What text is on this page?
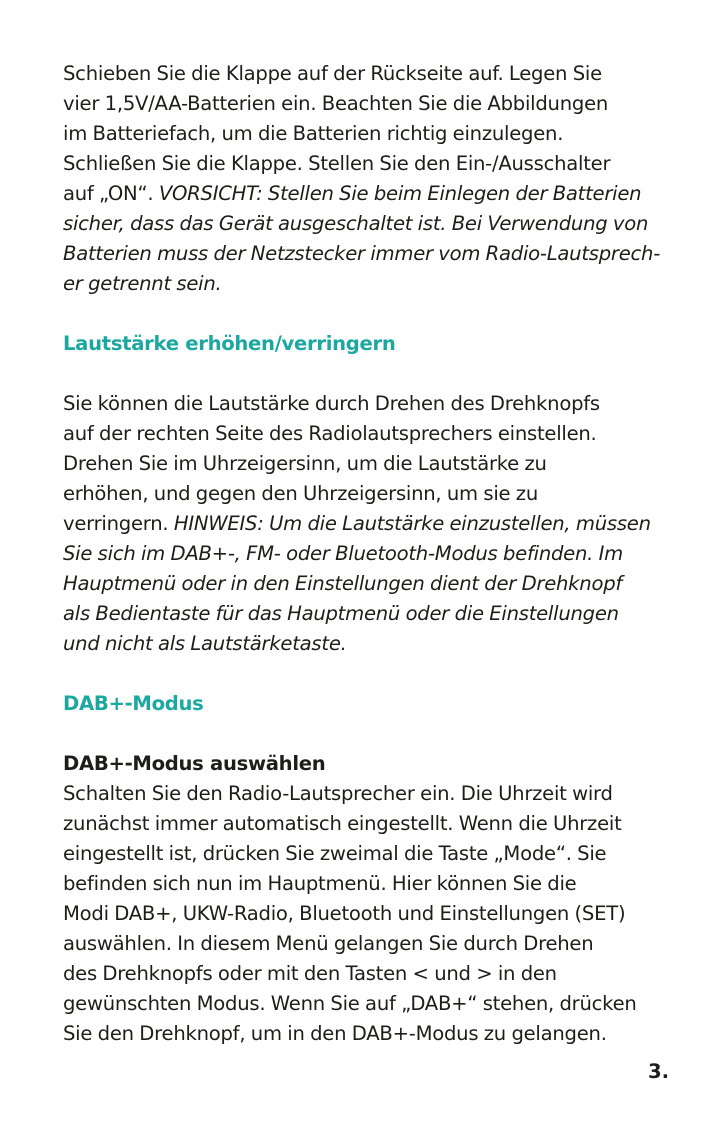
Schieben Sie die Klappe auf der Rückseite auf. Legen Sie
vier 1,5V/AA-Batterien ein. Beachten Sie die Abbildungen
im Batteriefach, um die Batterien richtig einzulegen.
Schließen Sie die Klappe. Stellen Sie den Ein-/Ausschalter
auf „ON“. VORSICHT: Stellen Sie beim Einlegen der Batterien
sicher, dass das Gerät ausgeschaltet ist. Bei Verwendung von
Batterien muss der Netzstecker immer vom Radio-Lautsprech-
er getrennt sein.
Lautstärke erhöhen/verringern
Sie können die Lautstärke durch Drehen des Drehknopfs
auf der rechten Seite des Radiolautsprechers einstellen.
Drehen Sie im Uhrzeigersinn, um die Lautstärke zu
erhöhen, und gegen den Uhrzeigersinn, um sie zu
verringern. HINWEIS: Um die Lautstärke einzustellen, müssen
Sie sich im DAB+-, FM- oder Bluetooth-Modus befinden. Im
Hauptmenü oder in den Einstellungen dient der Drehknopf
als Bedientaste für das Hauptmenü oder die Einstellungen
und nicht als Lautstärketaste.
DAB+-Modus
DAB+-Modus auswählen
Schalten Sie den Radio-Lautsprecher ein. Die Uhrzeit wird
zunächst immer automatisch eingestellt. Wenn die Uhrzeit
eingestellt ist, drücken Sie zweimal die Taste „Mode“. Sie
befinden sich nun im Hauptmenü. Hier können Sie die
Modi DAB+, UKW-Radio, Bluetooth und Einstellungen (SET)
auswählen. In diesem Menü gelangen Sie durch Drehen
des Drehknopfs oder mit den Tasten < und > in den
gewünschten Modus. Wenn Sie auf „DAB+“ stehen, drücken
Sie den Drehknopf, um in den DAB+-Modus zu gelangen.
3.
